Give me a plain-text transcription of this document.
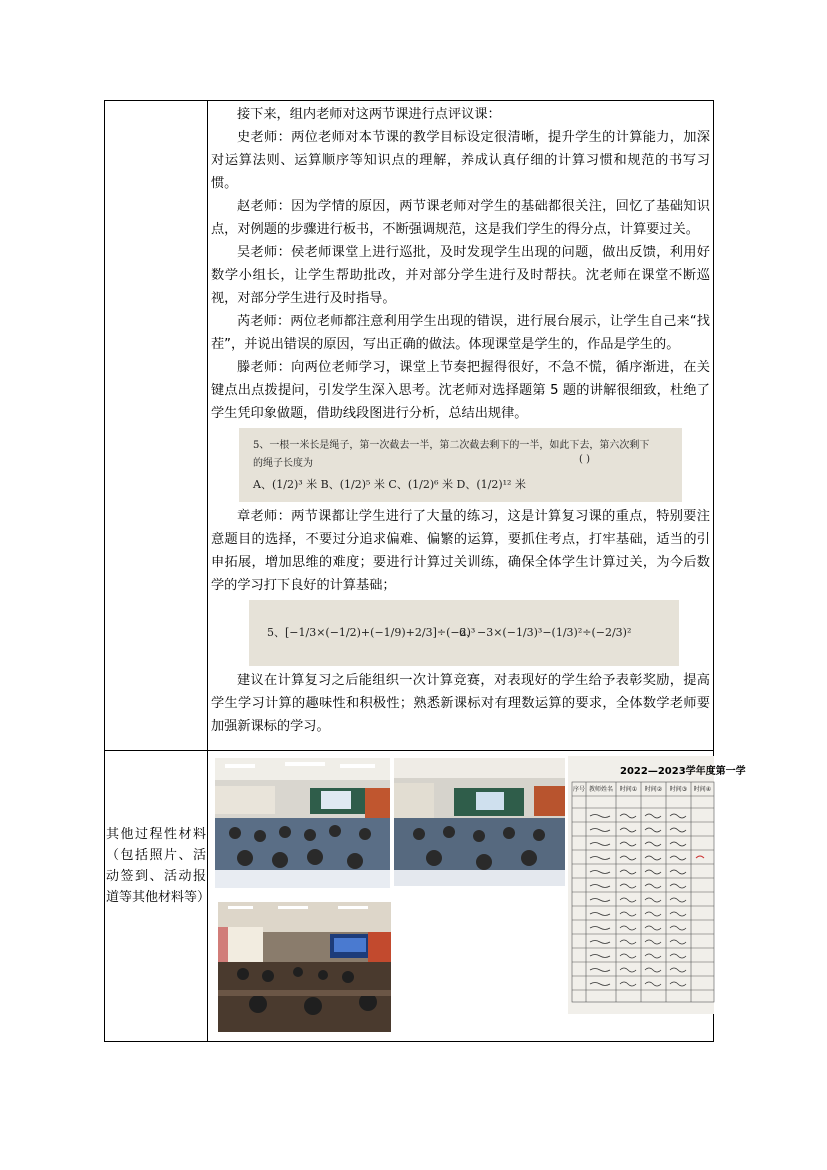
接下来，组内老师对这两节课进行点评议课：

史老师：两位老师对本节课的教学目标设定很清晰，提升学生的计算能力，加深对运算法则、运算顺序等知识点的理解，养成认真仔细的计算习惯和规范的书写习惯。

赵老师：因为学情的原因，两节课老师对学生的基础都很关注，回忆了基础知识点，对例题的步骤进行板书，不断强调规范，这是我们学生的得分点，计算要过关。

吴老师：侯老师课堂上进行巡批，及时发现学生出现的问题，做出反馈，利用好数学小组长，让学生帮助批改，并对部分学生进行及时帮扶。沈老师在课堂不断巡视，对部分学生进行及时指导。

芮老师：两位老师都注意利用学生出现的错误，进行展台展示，让学生自己来“找茬”，并说出错误的原因，写出正确的做法。体现课堂是学生的，作品是学生的。

滕老师：向两位老师学习，课堂上节奏把握得很好，不急不慌，循序渐进，在关键点出点拨提问，引发学生深入思考。沈老师对选择题第 5 题的讲解很细致，杜绝了学生凭印象做题，借助线段图进行分析，总结出规律。

5、一根一米长是绳子，第一次截去一半，第二次截去剩下的一半，如此下去，第六次剩下
的绳子长度为	( )
A、(1/2)³ 米 B、(1/2)⁵ 米 C、(1/2)⁶ 米 D、(1/2)¹² 米

章老师：两节课都让学生进行了大量的练习，这是计算复习课的重点，特别要注意题目的选择，不要过分追求偏难、偏繁的运算，要抓住考点，打牢基础，适当的引申拓展，增加思维的难度；要进行计算过关训练，确保全体学生计算过关，为今后数学的学习打下良好的计算基础；

5、[−1/3×(−1/2)+(−1/9)+2/3]÷(−2)³
6、−3×(−1/3)³−(1/3)²÷(−2/3)²

建议在计算复习之后能组织一次计算竞赛，对表现好的学生给予表彰奖励，提高学生学习计算的趣味性和积极性；熟悉新课标对有理数运算的要求，全体数学老师要加强新课标的学习。

其他过程性材料（包括照片、活动签到、活动报道等其他材料等）
2022—2023学年度第一学
序号 教师姓名	时间①	时间②	时间③	时间④
